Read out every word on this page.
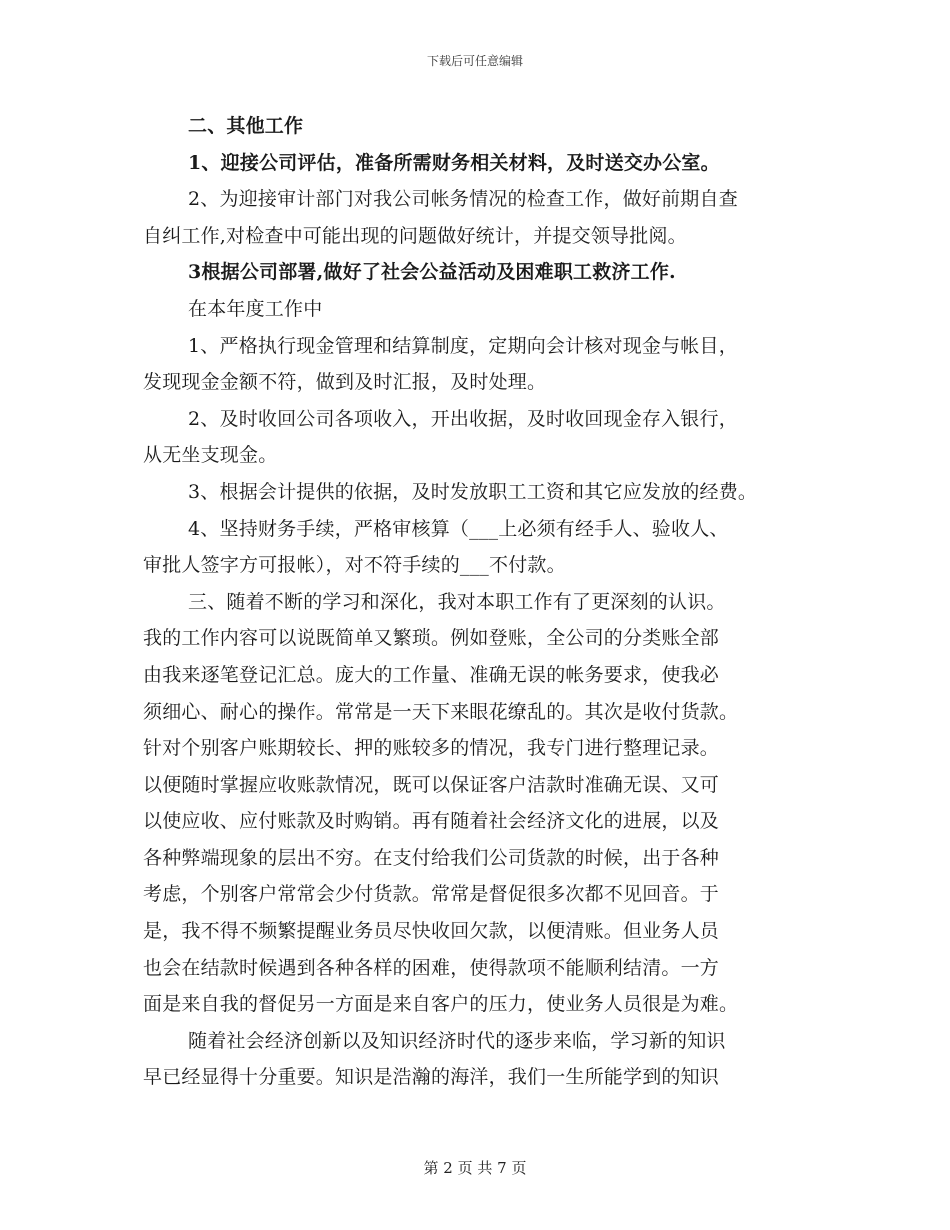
下载后可任意编辑
二、其他工作
1、迎接公司评估，准备所需财务相关材料，及时送交办公室。
2、为迎接审计部门对我公司帐务情况的检查工作，做好前期自查
自纠工作,对检查中可能出现的问题做好统计，并提交领导批阅。
3根据公司部署,做好了社会公益活动及困难职工救济工作.
在本年度工作中
1、严格执行现金管理和结算制度，定期向会计核对现金与帐目，
发现现金金额不符，做到及时汇报，及时处理。
2、及时收回公司各项收入，开出收据，及时收回现金存入银行，
从无坐支现金。
3、根据会计提供的依据，及时发放职工工资和其它应发放的经费。
4、坚持财务手续，严格审核算（___上必须有经手人、验收人、
审批人签字方可报帐），对不符手续的___不付款。
三、随着不断的学习和深化，我对本职工作有了更深刻的认识。
我的工作内容可以说既简单又繁琐。例如登账，全公司的分类账全部
由我来逐笔登记汇总。庞大的工作量、准确无误的帐务要求，使我必
须细心、耐心的操作。常常是一天下来眼花缭乱的。其次是收付货款。
针对个别客户账期较长、押的账较多的情况，我专门进行整理记录。
以便随时掌握应收账款情况，既可以保证客户洁款时准确无误、又可
以使应收、应付账款及时购销。再有随着社会经济文化的进展，以及
各种弊端现象的层出不穷。在支付给我们公司货款的时候，出于各种
考虑，个别客户常常会少付货款。常常是督促很多次都不见回音。于
是，我不得不频繁提醒业务员尽快收回欠款，以便清账。但业务人员
也会在结款时候遇到各种各样的困难，使得款项不能顺利结清。一方
面是来自我的督促另一方面是来自客户的压力，使业务人员很是为难。
随着社会经济创新以及知识经济时代的逐步来临，学习新的知识
早已经显得十分重要。知识是浩瀚的海洋，我们一生所能学到的知识
第 2 页 共 7 页
